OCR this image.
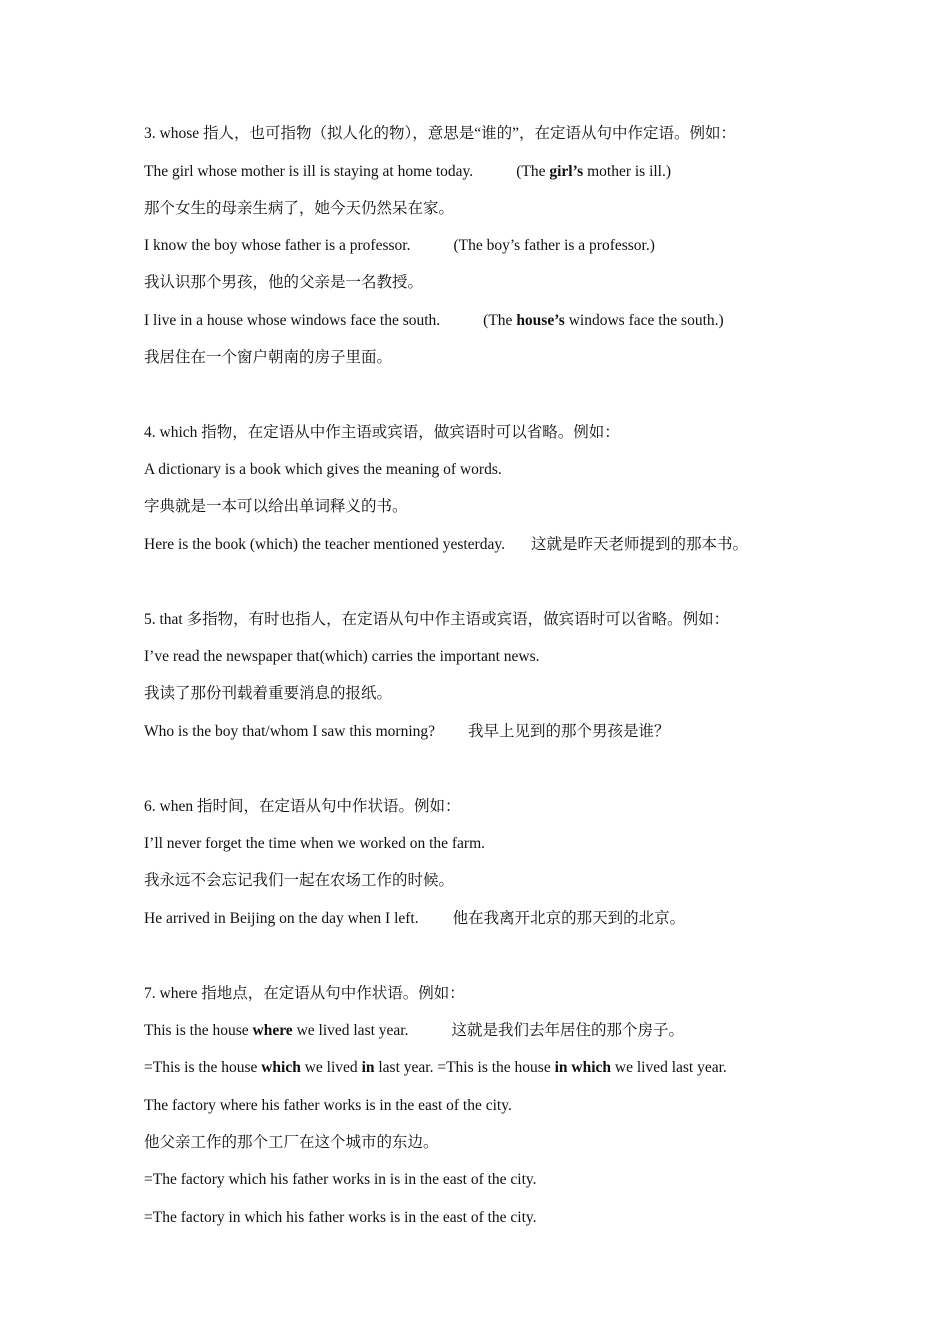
3. whose 指人，也可指物（拟人化的物），意思是“谁的”，在定语从句中作定语。例如：

The girl whose mother is ill is staying at home today.	(The girl’s mother is ill.)

那个女生的母亲生病了，她今天仍然呆在家。

I know the boy whose father is a professor.	(The boy’s father is a professor.)

我认识那个男孩，他的父亲是一名教授。

I live in a house whose windows face the south.	(The house’s windows face the south.)

我居住在一个窗户朝南的房子里面。

4. which 指物，在定语从中作主语或宾语，做宾语时可以省略。例如：

A dictionary is a book which gives the meaning of words.

字典就是一本可以给出单词释义的书。

Here is the book (which) the teacher mentioned yesterday. 这就是昨天老师提到的那本书。

5. that 多指物，有时也指人，在定语从句中作主语或宾语，做宾语时可以省略。例如：

I’ve read the newspaper that(which) carries the important news.

我读了那份刊载着重要消息的报纸。

Who is the boy that/whom I saw this morning? 我早上见到的那个男孩是谁？

6. when 指时间，在定语从句中作状语。例如：

I’ll never forget the time when we worked on the farm.

我永远不会忘记我们一起在农场工作的时候。

He arrived in Beijing on the day when I left. 他在我离开北京的那天到的北京。

7. where 指地点，在定语从句中作状语。例如：

This is the house where we lived last year.	这就是我们去年居住的那个房子。

=This is the house which we lived in last year. =This is the house in which we lived last year.

The factory where his father works is in the east of the city.

他父亲工作的那个工厂在这个城市的东边。

=The factory which his father works in is in the east of the city.

=The factory in which his father works is in the east of the city.
